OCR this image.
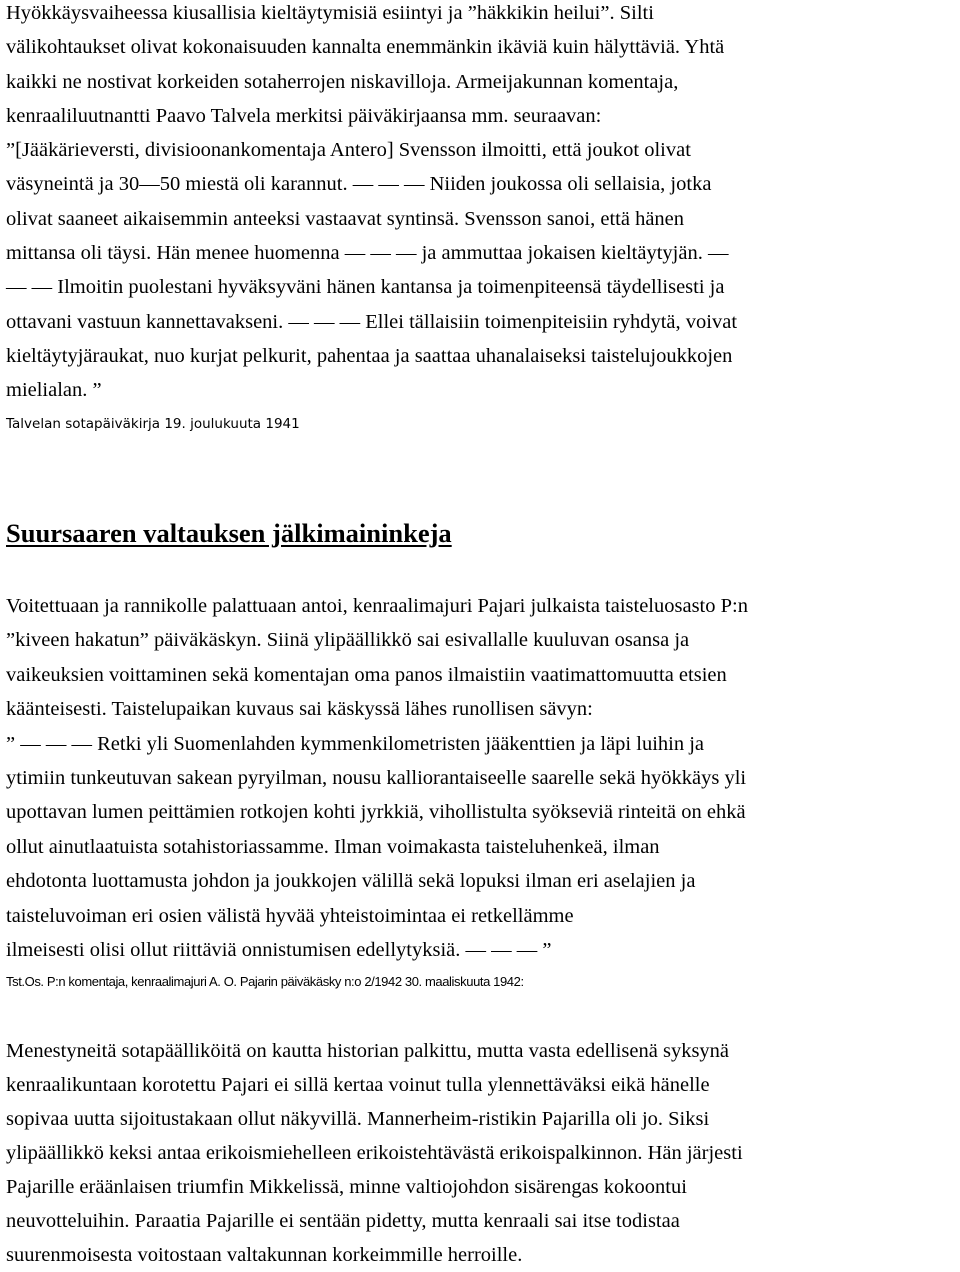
Hyökkäysvaiheessa kiusallisia kieltäytymisiä esiintyi ja ”häkkikin heilui”. Silti
välikohtaukset olivat kokonaisuuden kannalta enemmänkin ikäviä kuin hälyttäviä. Yhtä
kaikki ne nostivat korkeiden sotaherrojen niskavilloja. Armeijakunnan komentaja,
kenraaliluutnantti Paavo Talvela merkitsi päiväkirjaansa mm. seuraavan:
”[Jääkärieversti, divisioonankomentaja Antero] Svensson ilmoitti, että joukot olivat
väsyneintä ja 30—50 miestä oli karannut. — — — Niiden joukossa oli sellaisia, jotka
olivat saaneet aikaisemmin anteeksi vastaavat syntinsä. Svensson sanoi, että hänen
mittansa oli täysi. Hän menee huomenna — — — ja ammuttaa jokaisen kieltäytyjän. —
— — Ilmoitin puolestani hyväksyväni hänen kantansa ja toimenpiteensä täydellisesti ja
ottavani vastuun kannettavakseni. — — — Ellei tällaisiin toimenpiteisiin ryhdytä, voivat
kieltäytyjäraukat, nuo kurjat pelkurit, pahentaa ja saattaa uhanalaiseksi taistelujoukkojen
mielialan. ”
Talvelan sotapäiväkirja 19. joulukuuta 1941
Suursaaren valtauksen jälkimaininkeja
Voitettuaan ja rannikolle palattuaan antoi, kenraalimajuri Pajari julkaista taisteluosasto P:n
”kiveen hakatun” päiväkäskyn. Siinä ylipäällikkö sai esivallalle kuuluvan osansa ja
vaikeuksien voittaminen sekä komentajan oma panos ilmaistiin vaatimattomuutta etsien
käänteisesti. Taistelupaikan kuvaus sai käskyssä lähes runollisen sävyn:
” — — — Retki yli Suomenlahden kymmenkilometristen jääkenttien ja läpi luihin ja
ytimiin tunkeutuvan sakean pyryilman, nousu kalliorantaiseelle saarelle sekä hyökkäys yli
upottavan lumen peittämien rotkojen kohti jyrkkiä, vihollistulta syökseviä rinteitä on ehkä
ollut ainutlaatuista sotahistoriassamme. Ilman voimakasta taisteluhenkeä, ilman
ehdotonta luottamusta johdon ja joukkojen välillä sekä lopuksi ilman eri aselajien ja
taisteluvoiman eri osien välistä hyvää yhteistoimintaa ei retkellämme
ilmeisesti olisi ollut riittäviä onnistumisen edellytyksiä. — — — ”
Tst.Os. P:n komentaja, kenraalimajuri A. O. Pajarin päiväkäsky n:o 2/1942 30. maaliskuuta 1942:
Menestyneitä sotapäälliköitä on kautta historian palkittu, mutta vasta edellisenä syksynä
kenraalikuntaan korotettu Pajari ei sillä kertaa voinut tulla ylennettäväksi eikä hänelle
sopivaa uutta sijoitustakaan ollut näkyvillä. Mannerheim-ristikin Pajarilla oli jo. Siksi
ylipäällikkö keksi antaa erikoismiehelleen erikoistehtävästä erikoispalkinnon. Hän järjesti
Pajarille eräänlaisen triumfin Mikkelissä, minne valtiojohdon sisärengas kokoontui
neuvotteluihin. Paraatia Pajarille ei sentään pidetty, mutta kenraali sai itse todistaa
suurenmoisesta voitostaan valtakunnan korkeimmille herroille.
